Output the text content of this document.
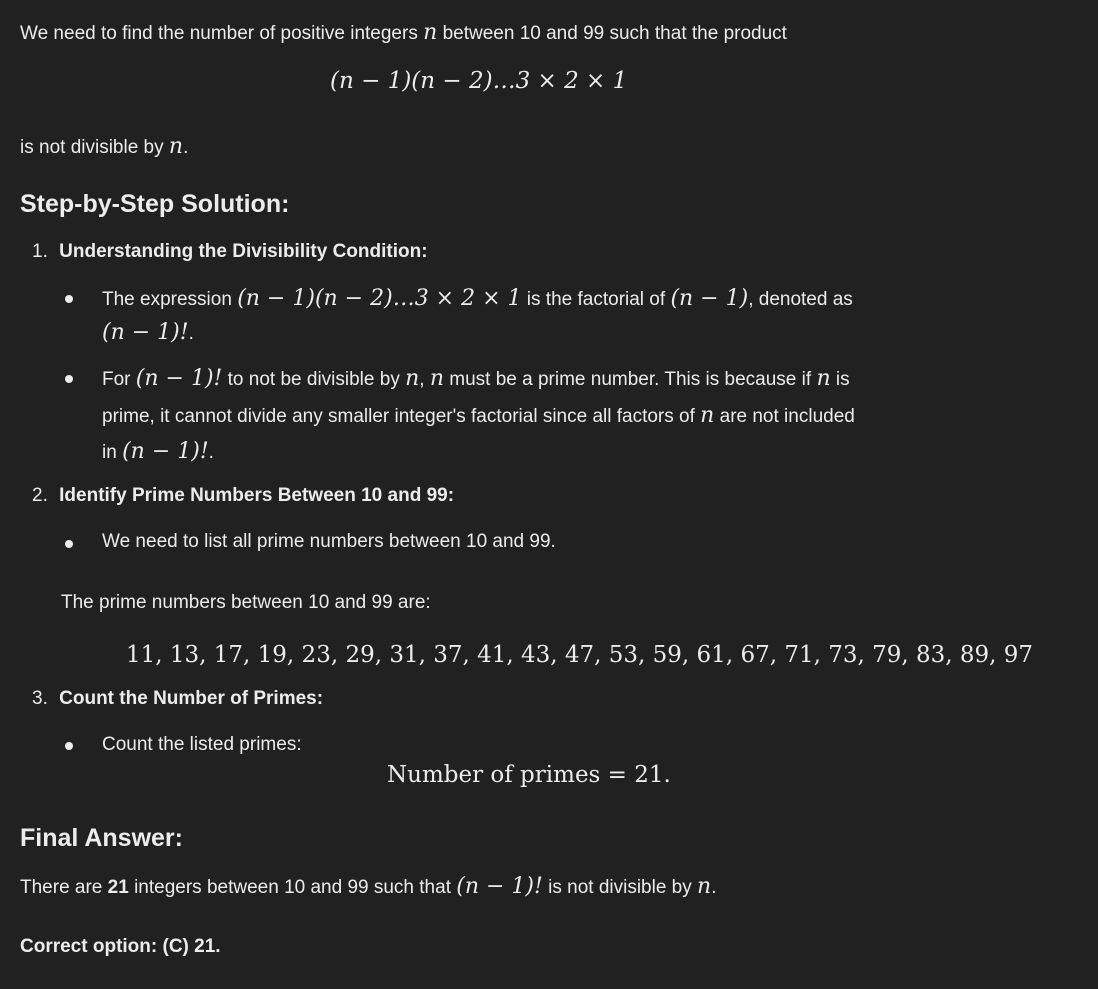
We need to find the number of positive integers n between 10 and 99 such that the product
(n − 1)(n − 2)…3 × 2 × 1
is not divisible by n.
Step-by-Step Solution:
1. Understanding the Divisibility Condition:
The expression (n − 1)(n − 2)…3 × 2 × 1 is the factorial of (n − 1), denoted as
(n − 1)!.
For (n − 1)! to not be divisible by n, n must be a prime number. This is because if n is
prime, it cannot divide any smaller integer's factorial since all factors of n are not included
in (n − 1)!.
2. Identify Prime Numbers Between 10 and 99:
We need to list all prime numbers between 10 and 99.
The prime numbers between 10 and 99 are:
11, 13, 17, 19, 23, 29, 31, 37, 41, 43, 47, 53, 59, 61, 67, 71, 73, 79, 83, 89, 97
3. Count the Number of Primes:
Count the listed primes:
Number of primes = 21.
Final Answer:
There are 21 integers between 10 and 99 such that (n − 1)! is not divisible by n.
Correct option: (C) 21.
